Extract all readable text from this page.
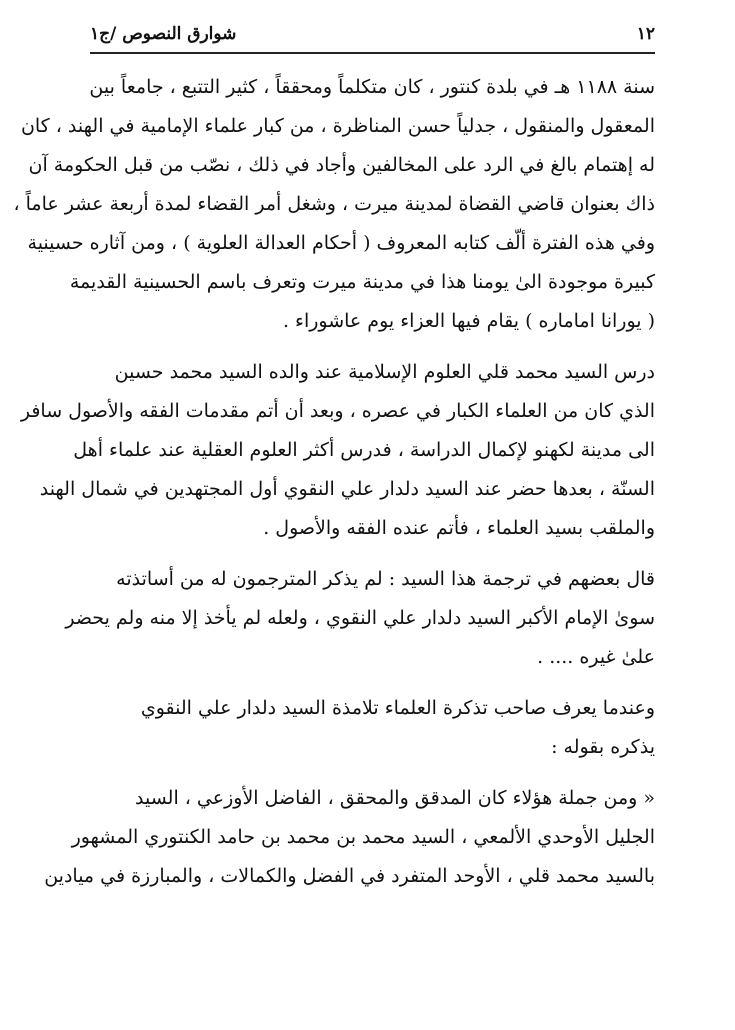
١٢
شوارق النصوص /ج١
سنة ١١٨٨ هـ في بلدة كنتور ، كان متكلماً ومحققاً ، كثير التتبع ، جامعاً بين
المعقول والمنقول ، جدلياً حسن المناظرة ، من كبار علماء الإمامية في الهند ، كان
له إهتمام بالغ في الرد على المخالفين وأجاد في ذلك ، نصّب من قبل الحكومة آن
ذاك بعنوان قاضي القضاة لمدينة ميرت ، وشغل أمر القضاء لمدة أربعة عشر عاماً ،
وفي هذه الفترة ألّف كتابه المعروف ( أحكام العدالة العلوية ) ، ومن آثاره حسينية
كبيرة موجودة الىٰ يومنا هذا في مدينة ميرت وتعرف باسم الحسينية القديمة
( يورانا اماماره ) يقام فيها العزاء يوم عاشوراء .
درس السيد محمد قلي العلوم الإسلامية عند والده السيد محمد حسين
الذي كان من العلماء الكبار في عصره ، وبعد أن أتم مقدمات الفقه والأصول سافر
الى مدينة لكهنو لإكمال الدراسة ، فدرس أكثر العلوم العقلية عند علماء أهل
السنّة ، بعدها حضر عند السيد دلدار علي النقوي أول المجتهدين في شمال الهند
والملقب بسيد العلماء ، فأتم عنده الفقه والأصول .
قال بعضهم في ترجمة هذا السيد : لم يذكر المترجمون له من أساتذته
سوىٰ الإمام الأكبر السيد دلدار علي النقوي ، ولعله لم يأخذ إلا منه ولم يحضر
علىٰ غيره .... .
وعندما يعرف صاحب تذكرة العلماء تلامذة السيد دلدار علي النقوي
يذكره بقوله :
« ومن جملة هؤلاء كان المدقق والمحقق ، الفاضل الأوزعي ، السيد
الجليل الأوحدي الألمعي ، السيد محمد بن محمد بن حامد الكنتوري المشهور
بالسيد محمد قلي ، الأوحد المتفرد في الفضل والكمالات ، والمبارزة في ميادين
